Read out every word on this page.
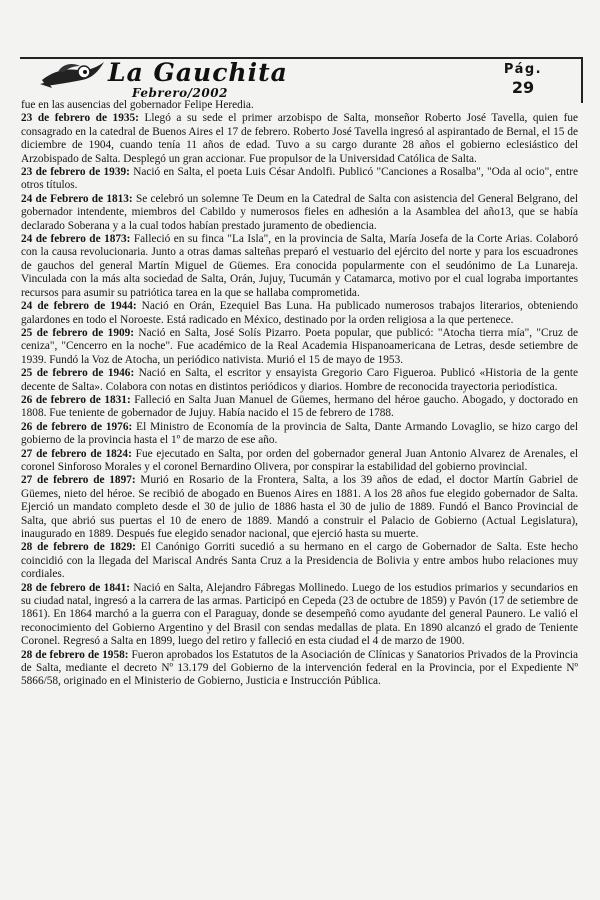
La Gauchita
Febrero/2002
Pág.
29

fue en las ausencias del gobernador Felipe Heredia.

23 de febrero de 1935: Llegó a su sede el primer arzobispo de Salta, monseñor Roberto José Tavella, quien fue consagrado en la catedral de Buenos Aires el 17 de febrero. Roberto José Tavella ingresó al aspirantado de Bernal, el 15 de diciembre de 1904, cuando tenía 11 años de edad. Tuvo a su cargo durante 28 años el gobierno eclesiástico del Arzobispado de Salta. Desplegó un gran accionar. Fue propulsor de la Universidad Católica de Salta.

23 de febrero de 1939: Nació en Salta, el poeta Luis César Andolfi. Publicó "Canciones a Rosalba", "Oda al ocio", entre otros títulos.

24 de Febrero de 1813: Se celebró un solemne Te Deum en la Catedral de Salta con asistencia del General Belgrano, del gobernador intendente, miembros del Cabildo y numerosos fieles en adhesión a la Asamblea del año13, que se había declarado Soberana y a la cual todos habían prestado juramento de obediencia.

24 de febrero de 1873: Falleció en su finca "La Isla", en la provincia de Salta, María Josefa de la Corte Arias. Colaboró con la causa revolucionaria. Junto a otras damas salteñas preparó el vestuario del ejército del norte y para los escuadrones de gauchos del general Martín Miguel de Güemes. Era conocida popularmente con el seudónimo de La Lunareja. Vinculada con la más alta sociedad de Salta, Orán, Jujuy, Tucumán y Catamarca, motivo por el cual lograba importantes recursos para asumir su patriótica tarea en la que se hallaba comprometida.

24 de febrero de 1944: Nació en Orán, Ezequiel Bas Luna. Ha publicado numerosos trabajos literarios, obteniendo galardones en todo el Noroeste. Está radicado en México, destinado por la orden religiosa a la que pertenece.

25 de febrero de 1909: Nació en Salta, José Solís Pizarro. Poeta popular, que publicó: "Atocha tierra mía", "Cruz de ceniza", "Cencerro en la noche". Fue académico de la Real Academia Hispanoamericana de Letras, desde setiembre de 1939. Fundó la Voz de Atocha, un periódico nativista. Murió el 15 de mayo de 1953.

25 de febrero de 1946: Nació en Salta, el escritor y ensayista Gregorio Caro Figueroa. Publicó «Historia de la gente decente de Salta». Colabora con notas en distintos periódicos y diarios. Hombre de reconocida trayectoria periodística.

26 de febrero de 1831: Falleció en Salta Juan Manuel de Güemes, hermano del héroe gaucho. Abogado, y doctorado en 1808. Fue teniente de gobernador de Jujuy. Había nacido el 15 de febrero de 1788.

26 de febrero de 1976: El Ministro de Economía de la provincia de Salta, Dante Armando Lovaglio, se hizo cargo del gobierno de la provincia hasta el 1º de marzo de ese año.

27 de febrero de 1824: Fue ejecutado en Salta, por orden del gobernador general Juan Antonio Alvarez de Arenales, el coronel Sinforoso Morales y el coronel Bernardino Olivera, por conspirar la estabilidad del gobierno provincial.

27 de febrero de 1897: Murió en Rosario de la Frontera, Salta, a los 39 años de edad, el doctor Martín Gabriel de Güemes, nieto del héroe. Se recibió de abogado en Buenos Aires en 1881. A los 28 años fue elegido gobernador de Salta. Ejerció un mandato completo desde el 30 de julio de 1886 hasta el 30 de julio de 1889. Fundó el Banco Provincial de Salta, que abrió sus puertas el 10 de enero de 1889. Mandó a construir el Palacio de Gobierno (Actual Legislatura), inaugurado en 1889. Después fue elegido senador nacional, que ejerció hasta su muerte.

28 de febrero de 1829: El Canónigo Gorriti sucedió a su hermano en el cargo de Gobernador de Salta. Este hecho coincidió con la llegada del Mariscal Andrés Santa Cruz a la Presidencia de Bolivia y entre ambos hubo relaciones muy cordiales.

28 de febrero de 1841: Nació en Salta, Alejandro Fábregas Mollinedo. Luego de los estudios primarios y secundarios en su ciudad natal, ingresó a la carrera de las armas. Participó en Cepeda (23 de octubre de 1859) y Pavón (17 de setiembre de 1861). En 1864 marchó a la guerra con el Paraguay, donde se desempeñó como ayudante del general Paunero. Le valió el reconocimiento del Gobierno Argentino y del Brasil con sendas medallas de plata. En 1890 alcanzó el grado de Teniente Coronel. Regresó a Salta en 1899, luego del retiro y falleció en esta ciudad el 4 de marzo de 1900.

28 de febrero de 1958: Fueron aprobados los Estatutos de la Asociación de Clínicas y Sanatorios Privados de la Provincia de Salta, mediante el decreto Nº 13.179 del Gobierno de la intervención federal en la Provincia, por el Expediente Nº 5866/58, originado en el Ministerio de Gobierno, Justicia e Instrucción Pública.
